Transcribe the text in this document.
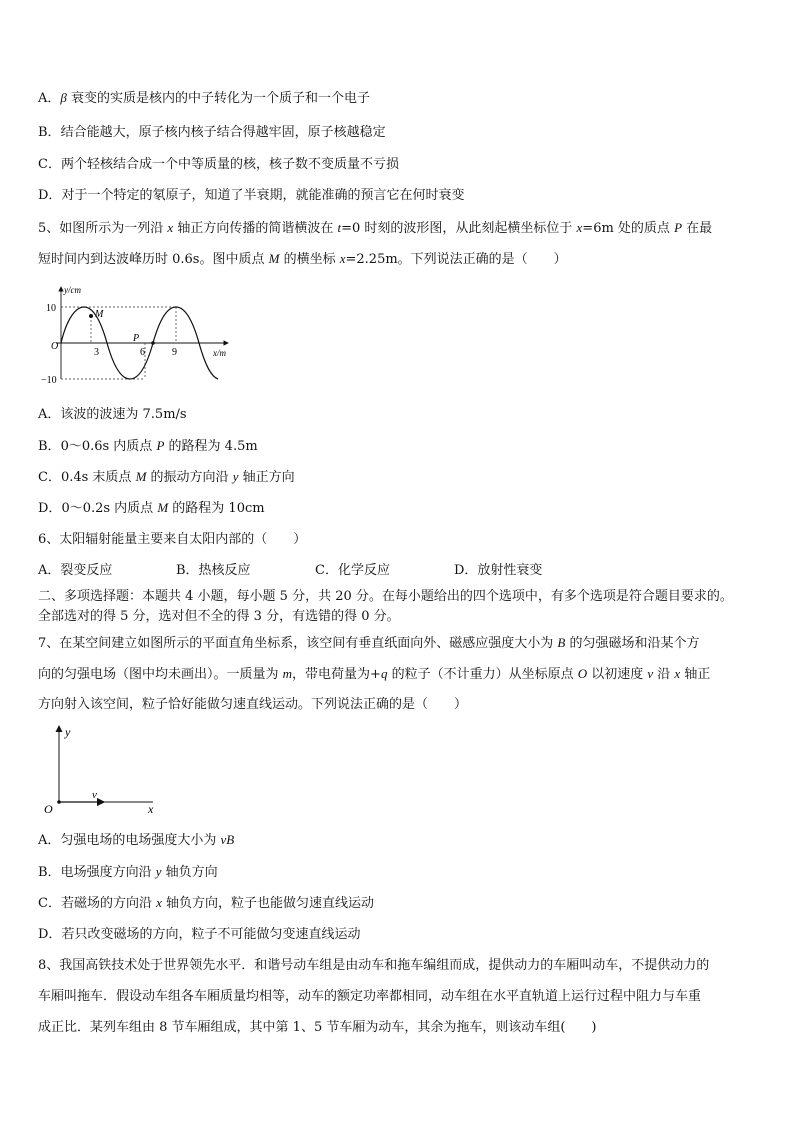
A．β 衰变的实质是核内的中子转化为一个质子和一个电子
B．结合能越大，原子核内核子结合得越牢固，原子核越稳定
C．两个轻核结合成一个中等质量的核，核子数不变质量不亏损
D．对于一个特定的氡原子，知道了半衰期，就能准确的预言它在何时衰变
5、如图所示为一列沿 x 轴正方向传播的简谐横波在 t=0 时刻的波形图，从此刻起横坐标位于 x=6m 处的质点 P 在最
短时间内到达波峰历时 0.6s。图中质点 M 的横坐标 x=2.25m。下列说法正确的是（　　）
y/cm
x/m
O
10
−10
3	6	9
M
P
A．该波的波速为 7.5m/s
B．0～0.6s 内质点 P 的路程为 4.5m
C．0.4s 末质点 M 的振动方向沿 y 轴正方向
D．0～0.2s 内质点 M 的路程为 10cm
6、太阳辐射能量主要来自太阳内部的（　　）
A．裂变反应	B．热核反应	C．化学反应	D．放射性衰变
二、多项选择题：本题共 4 小题，每小题 5 分，共 20 分。在每小题给出的四个选项中，有多个选项是符合题目要求的。
全部选对的得 5 分，选对但不全的得 3 分，有选错的得 0 分。
7、在某空间建立如图所示的平面直角坐标系，该空间有垂直纸面向外、磁感应强度大小为 B 的匀强磁场和沿某个方
向的匀强电场（图中均未画出）。一质量为 m，带电荷量为+q 的粒子（不计重力）从坐标原点 O 以初速度 v 沿 x 轴正
方向射入该空间，粒子恰好能做匀速直线运动。下列说法正确的是（　　）
y
x
O
v
A．匀强电场的电场强度大小为 vB
B．电场强度方向沿 y 轴负方向
C．若磁场的方向沿 x 轴负方向，粒子也能做匀速直线运动
D．若只改变磁场的方向，粒子不可能做匀变速直线运动
8、我国高铁技术处于世界领先水平．和谐号动车组是由动车和拖车编组而成，提供动力的车厢叫动车，不提供动力的
车厢叫拖车．假设动车组各车厢质量均相等，动车的额定功率都相同，动车组在水平直轨道上运行过程中阻力与车重
成正比．某列车组由 8 节车厢组成，其中第 1、5 节车厢为动车，其余为拖车，则该动车组(　　)
